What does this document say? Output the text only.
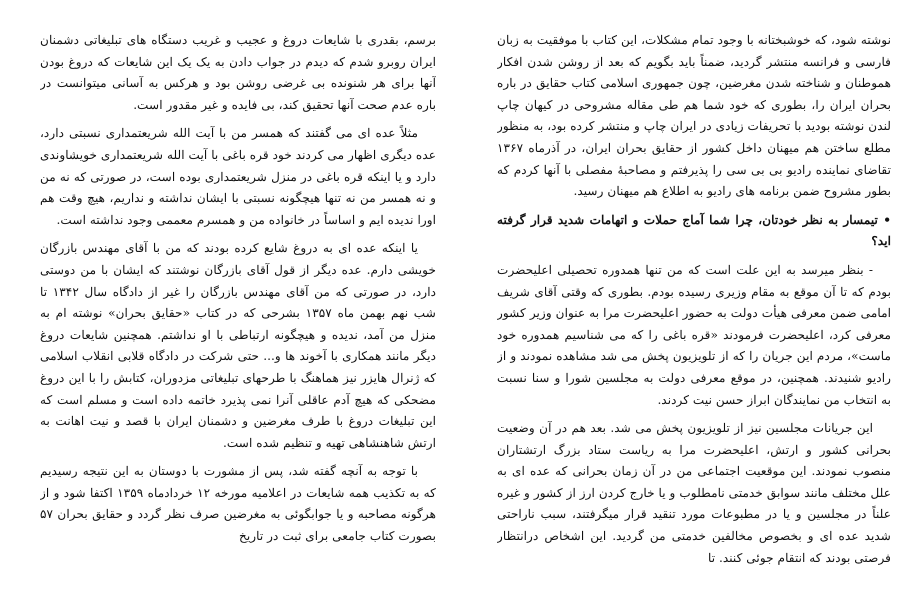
نوشته شود، که خوشبختانه با وجود تمام مشکلات، این کتاب با موفقیت به زبان فارسی و فرانسه منتشر گردید، ضمناً باید بگویم که بعد از روشن شدن افکار هموطنان و شناخته شدن مغرضین، چون جمهوری اسلامی کتاب حقایق در باره بحران ایران را، بطوری که خود شما هم طی مقاله مشروحی در کیهان چاپ لندن نوشته بودید با تحریفات زیادی در ایران چاپ و منتشر کرده بود، به منظور مطلع ساختن هم میهنان داخل کشور از حقایق بحران ایران، در آذرماه ۱۳۶۷ تقاضای نماینده رادیو بی بی سی را پذیرفتم و مصاحبهٔ مفصلی با آنها کردم که بطور مشروح ضمن برنامه های رادیو به اطلاع هم میهنان رسید.

• تیمسار به نظر خودتان، چرا شما آماج حملات و اتهامات شدید قرار گرفته اید؟

- بنظر میرسد به این علت است که من تنها همدوره تحصیلی اعلیحضرت بودم که تا آن موقع به مقام وزیری رسیده بودم. بطوری که وقتی آقای شریف امامی ضمن معرفی هیأت دولت به حضور اعلیحضرت مرا به عنوان وزیر کشور معرفی کرد، اعلیحضرت فرمودند «قره باغی را که می شناسیم همدوره خود ماست»، مردم این جریان را که از تلویزیون پخش می شد مشاهده نمودند و از رادیو شنیدند. همچنین، در موقع معرفی دولت به مجلسین شورا و سنا نسبت به انتخاب من نمایندگان ابراز حسن نیت کردند.

این جریانات مجلسین نیز از تلویزیون پخش می شد. بعد هم در آن وضعیت بحرانی کشور و ارتش، اعلیحضرت مرا به ریاست ستاد بزرگ ارتشتاران منصوب نمودند. این موقعیت اجتماعی من در آن زمان بحرانی که عده ای به علل مختلف مانند سوابق خدمتی نامطلوب و یا خارج کردن ارز از کشور و غیره علناً در مجلسین و یا در مطبوعات مورد تنقید قرار میگرفتند، سبب ناراحتی شدید عده ای و بخصوص مخالفین خدمتی من گردید. این اشخاص درانتظار فرصتی بودند که انتقام جوئی کنند. تا

برسم، بقدری با شایعات دروغ و عجیب و غریب دستگاه های تبلیغاتی دشمنان ایران روبرو شدم که دیدم در جواب دادن به یک یک این شایعات که دروغ بودن آنها برای هر شنونده بی غرضی روشن بود و هرکس به آسانی میتوانست در باره عدم صحت آنها تحقیق کند، بی فایده و غیر مقدور است.

مثلاً عده ای می گفتند که همسر من با آیت الله شریعتمداری نسبتی دارد، عده دیگری اظهار می کردند خود قره باغی با آیت الله شریعتمداری خویشاوندی دارد و یا اینکه قره باغی در منزل شریعتمداری بوده است، در صورتی که نه من و نه همسر من نه تنها هیچگونه نسبتی با ایشان نداشته و نداریم، هیچ وقت هم اورا ندیده ایم و اساساً در خانواده من و همسرم معممی وجود نداشته است.

یا اینکه عده ای به دروغ شایع کرده بودند که من با آقای مهندس بازرگان خویشی دارم. عده دیگر از قول آقای بازرگان نوشتند که ایشان با من دوستی دارد، در صورتی که من آقای مهندس بازرگان را غیر از دادگاه سال ۱۳۴۲ تا شب نهم بهمن ماه ۱۳۵۷ بشرحی که در کتاب «حقایق بحران» نوشته ام به منزل من آمد، ندیده و هیچگونه ارتباطی با او نداشتم. همچنین شایعات دروغ دیگر مانند همکاری با آخوند ها و... حتی شرکت در دادگاه قلابی انقلاب اسلامی که ژنرال هایزر نیز هماهنگ با طرحهای تبلیغاتی مزدوران، کتابش را با این دروغ مضحکی که هیچ آدم عاقلی آنرا نمی پذیرد خاتمه داده است و مسلم است که این تبلیغات دروغ با طرف مغرضین و دشمنان ایران با قصد و نیت اهانت به ارتش شاهنشاهی تهیه و تنظیم شده است.

با توجه به آنچه گفته شد، پس از مشورت با دوستان به این نتیجه رسیدیم که به تکذیب همه شایعات در اعلامیه مورخه ۱۲ خردادماه ۱۳۵۹ اکتفا شود و از هرگونه مصاحبه و یا جوابگوئی به مغرضین صرف نظر گردد و حقایق بحران ۵۷ بصورت کتاب جامعی برای ثبت در تاریخ
